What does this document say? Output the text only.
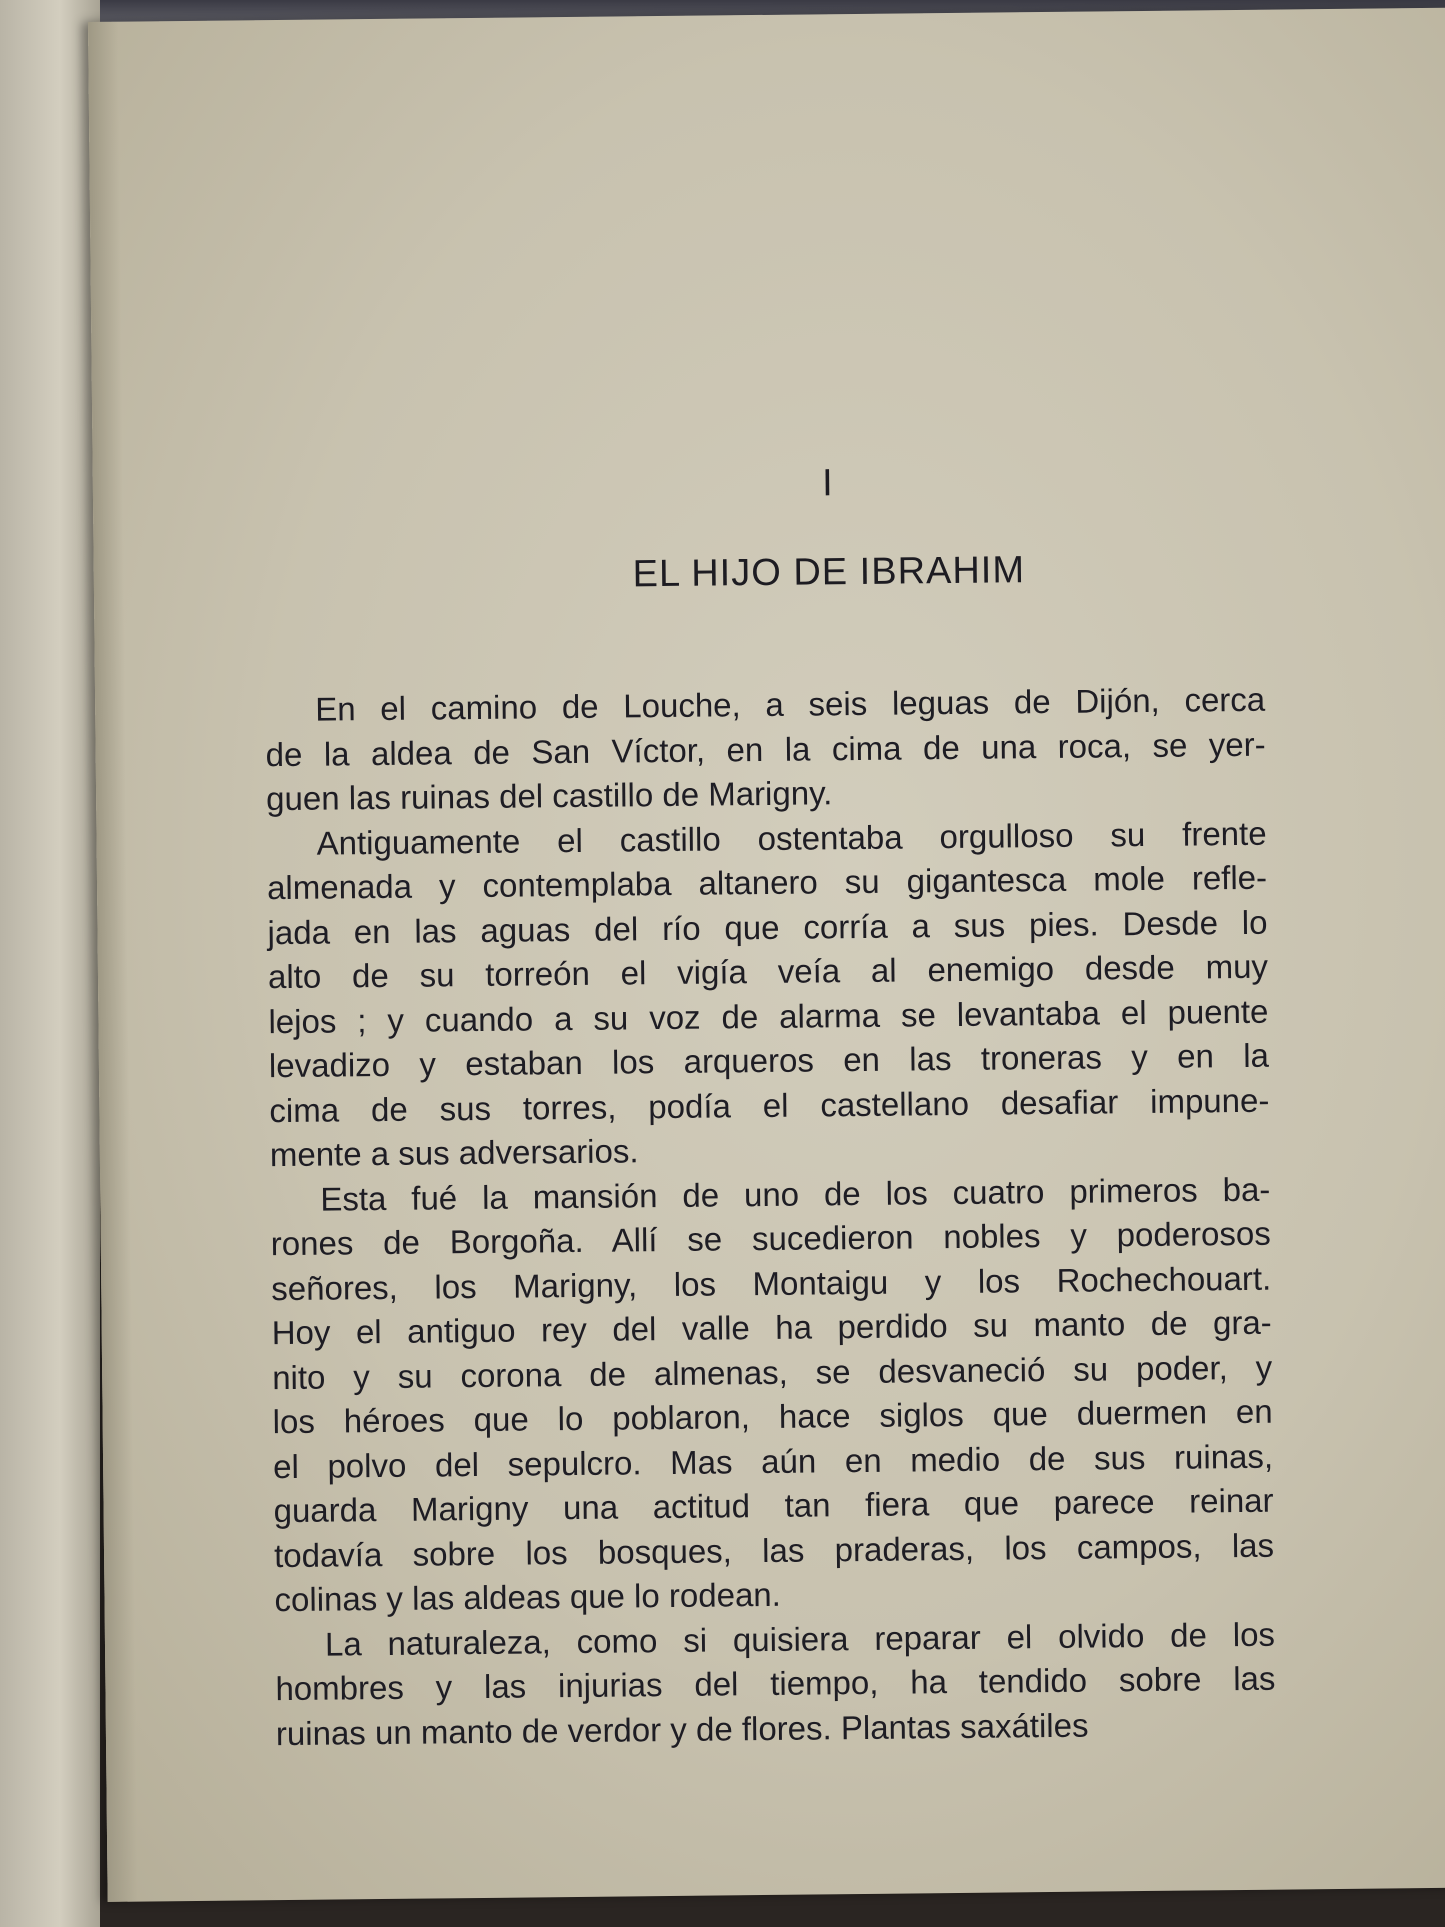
I
EL HIJO DE IBRAHIM
En el camino de Louche, a seis leguas de Dijón, cerca
de la aldea de San Víctor, en la cima de una roca, se yer-
guen las ruinas del castillo de Marigny.
Antiguamente el castillo ostentaba orgulloso su frente
almenada y contemplaba altanero su gigantesca mole refle-
jada en las aguas del río que corría a sus pies. Desde lo
alto de su torreón el vigía veía al enemigo desde muy
lejos ; y cuando a su voz de alarma se levantaba el puente
levadizo y estaban los arqueros en las troneras y en la
cima de sus torres, podía el castellano desafiar impune-
mente a sus adversarios.
Esta fué la mansión de uno de los cuatro primeros ba-
rones de Borgoña. Allí se sucedieron nobles y poderosos
señores, los Marigny, los Montaigu y los Rochechouart.
Hoy el antiguo rey del valle ha perdido su manto de gra-
nito y su corona de almenas, se desvaneció su poder, y
los héroes que lo poblaron, hace siglos que duermen en
el polvo del sepulcro. Mas aún en medio de sus ruinas,
guarda Marigny una actitud tan fiera que parece reinar
todavía sobre los bosques, las praderas, los campos, las
colinas y las aldeas que lo rodean.
La naturaleza, como si quisiera reparar el olvido de los
hombres y las injurias del tiempo, ha tendido sobre las
ruinas un manto de verdor y de flores. Plantas saxátiles
